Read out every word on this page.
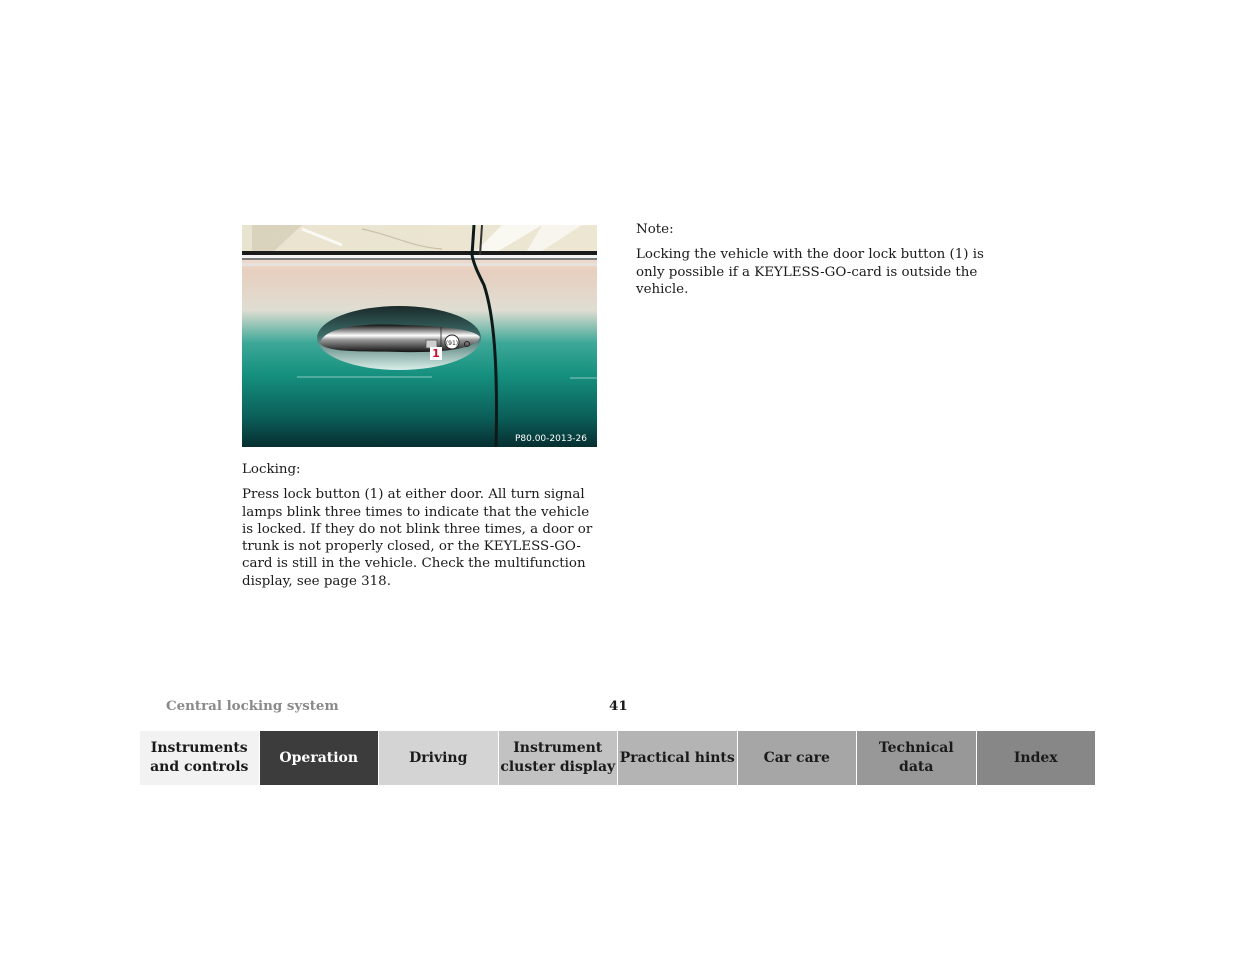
(91)
1
P80.00-2013-26

Locking:

Press lock button (1) at either door. All turn signal lamps blink three times to indicate that the vehicle is locked. If they do not blink three times, a door or trunk is not properly closed, or the KEYLESS-GO-card is still in the vehicle. Check the multifunction display, see page 318.

Note:

Locking the vehicle with the door lock button (1) is only possible if a KEYLESS-GO-card is outside the vehicle.

Central locking system	41
Instruments
and controls
Operation	Driving
Instrument
cluster display
Practical hints	Car care
Technical
data
Index
